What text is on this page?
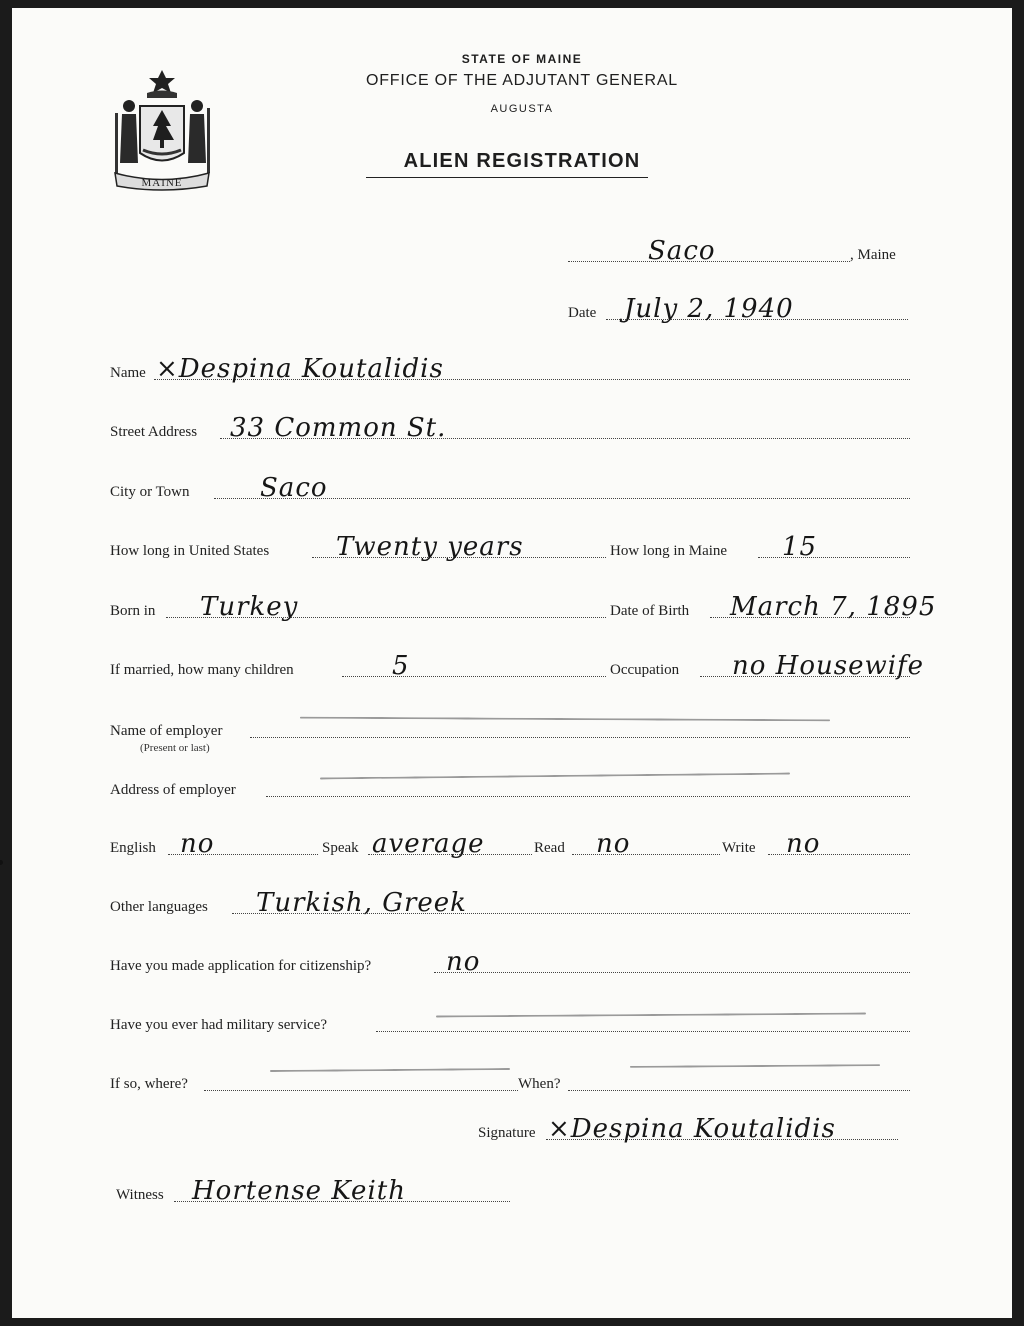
MAINE
STATE OF MAINE
OFFICE OF THE ADJUTANT GENERAL
AUGUSTA
ALIEN REGISTRATION
Saco	, Maine
Date July 2, 1940
Name ×Despina Koutalidis
Street Address 33 Common St.
City or Town	Saco
How long in United States	Twenty years	How long in Maine 15
Born in Turkey	Date of Birth March 7, 1895
If married, how many children	5	Occupation no Housewife
Name of employer
(Present or last)
Address of employer
English no	Speak average	Read no	Write no
Other languages Turkish, Greek
Have you made application for citizenship?	no
Have you ever had military service?
If so, where?	When?
Signature ×Despina Koutalidis
Witness Hortense Keith
